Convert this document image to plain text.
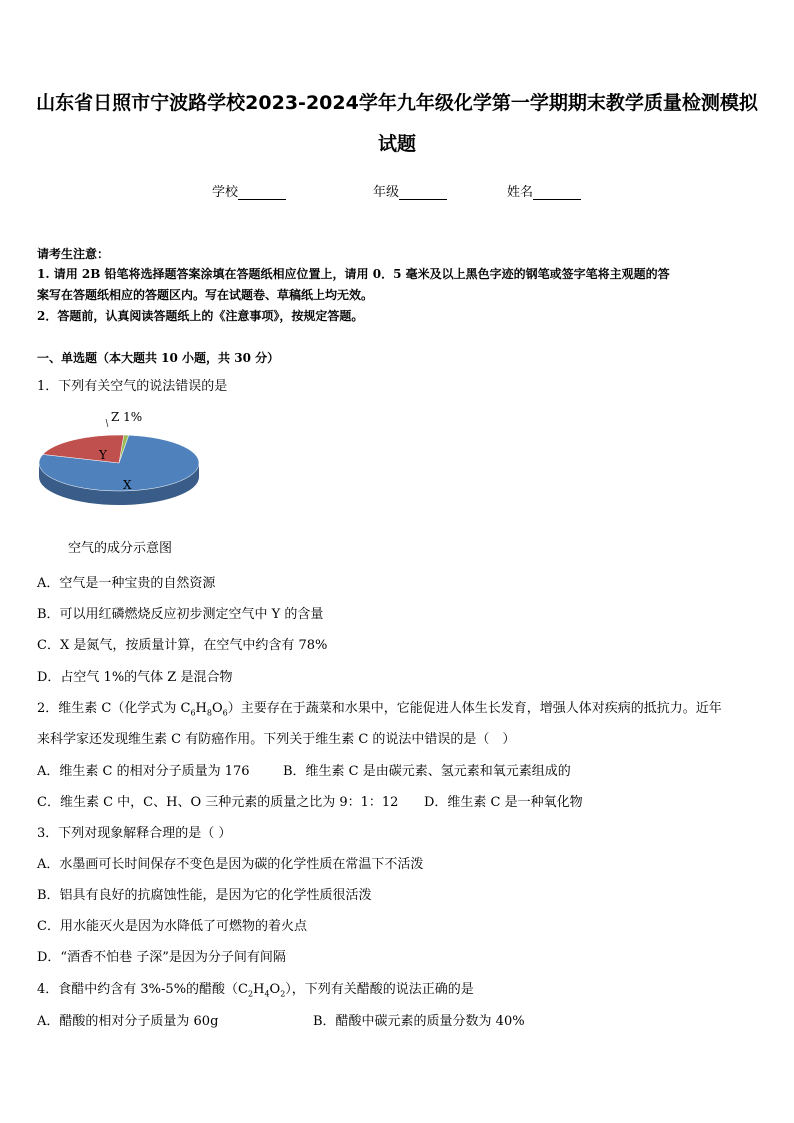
山东省日照市宁波路学校2023-2024学年九年级化学第一学期期末教学质量检测模拟
试题
学校	年级	姓名
请考生注意：
1. 请用 2B 铅笔将选择题答案涂填在答题纸相应位置上，请用 0．5 毫米及以上黑色字迹的钢笔或签字笔将主观题的答
案写在答题纸相应的答题区内。写在试题卷、草稿纸上均无效。
2．答题前，认真阅读答题纸上的《注意事项》，按规定答题。
一、单选题（本大题共 10 小题，共 30 分）
1．下列有关空气的说法错误的是
X
Y
Z 1%
空气的成分示意图
A．空气是一种宝贵的自然资源
B．可以用红磷燃烧反应初步测定空气中 Y 的含量
C．X 是氮气，按质量计算，在空气中约含有 78%
D．占空气 1%的气体 Z 是混合物
2．维生素 C（化学式为 $C_6H_8O_6$）主要存在于蔬菜和水果中，它能促进人体生长发育，增强人体对疾病的抵抗力。近年
来科学家还发现维生素 C 有防癌作用。下列关于维生素 C 的说法中错误的是（　）
A．维生素 C 的相对分子质量为 176	B．维生素 C 是由碳元素、氢元素和氧元素组成的
C．维生素 C 中，C、H、O 三种元素的质量之比为 9：1：12 D．维生素 C 是一种氧化物
3．下列对现象解释合理的是（ ）
A．水墨画可长时间保存不变色是因为碳的化学性质在常温下不活泼
B．铝具有良好的抗腐蚀性能，是因为它的化学性质很活泼
C．用水能灭火是因为水降低了可燃物的着火点
D．“酒香不怕巷 子深”是因为分子间有间隔
4．食醋中约含有 3%-5%的醋酸$(C_2H_4O_2)$，下列有关醋酸的说法正确的是
A．醋酸的相对分子质量为 60g	B．醋酸中碳元素的质量分数为 40%
